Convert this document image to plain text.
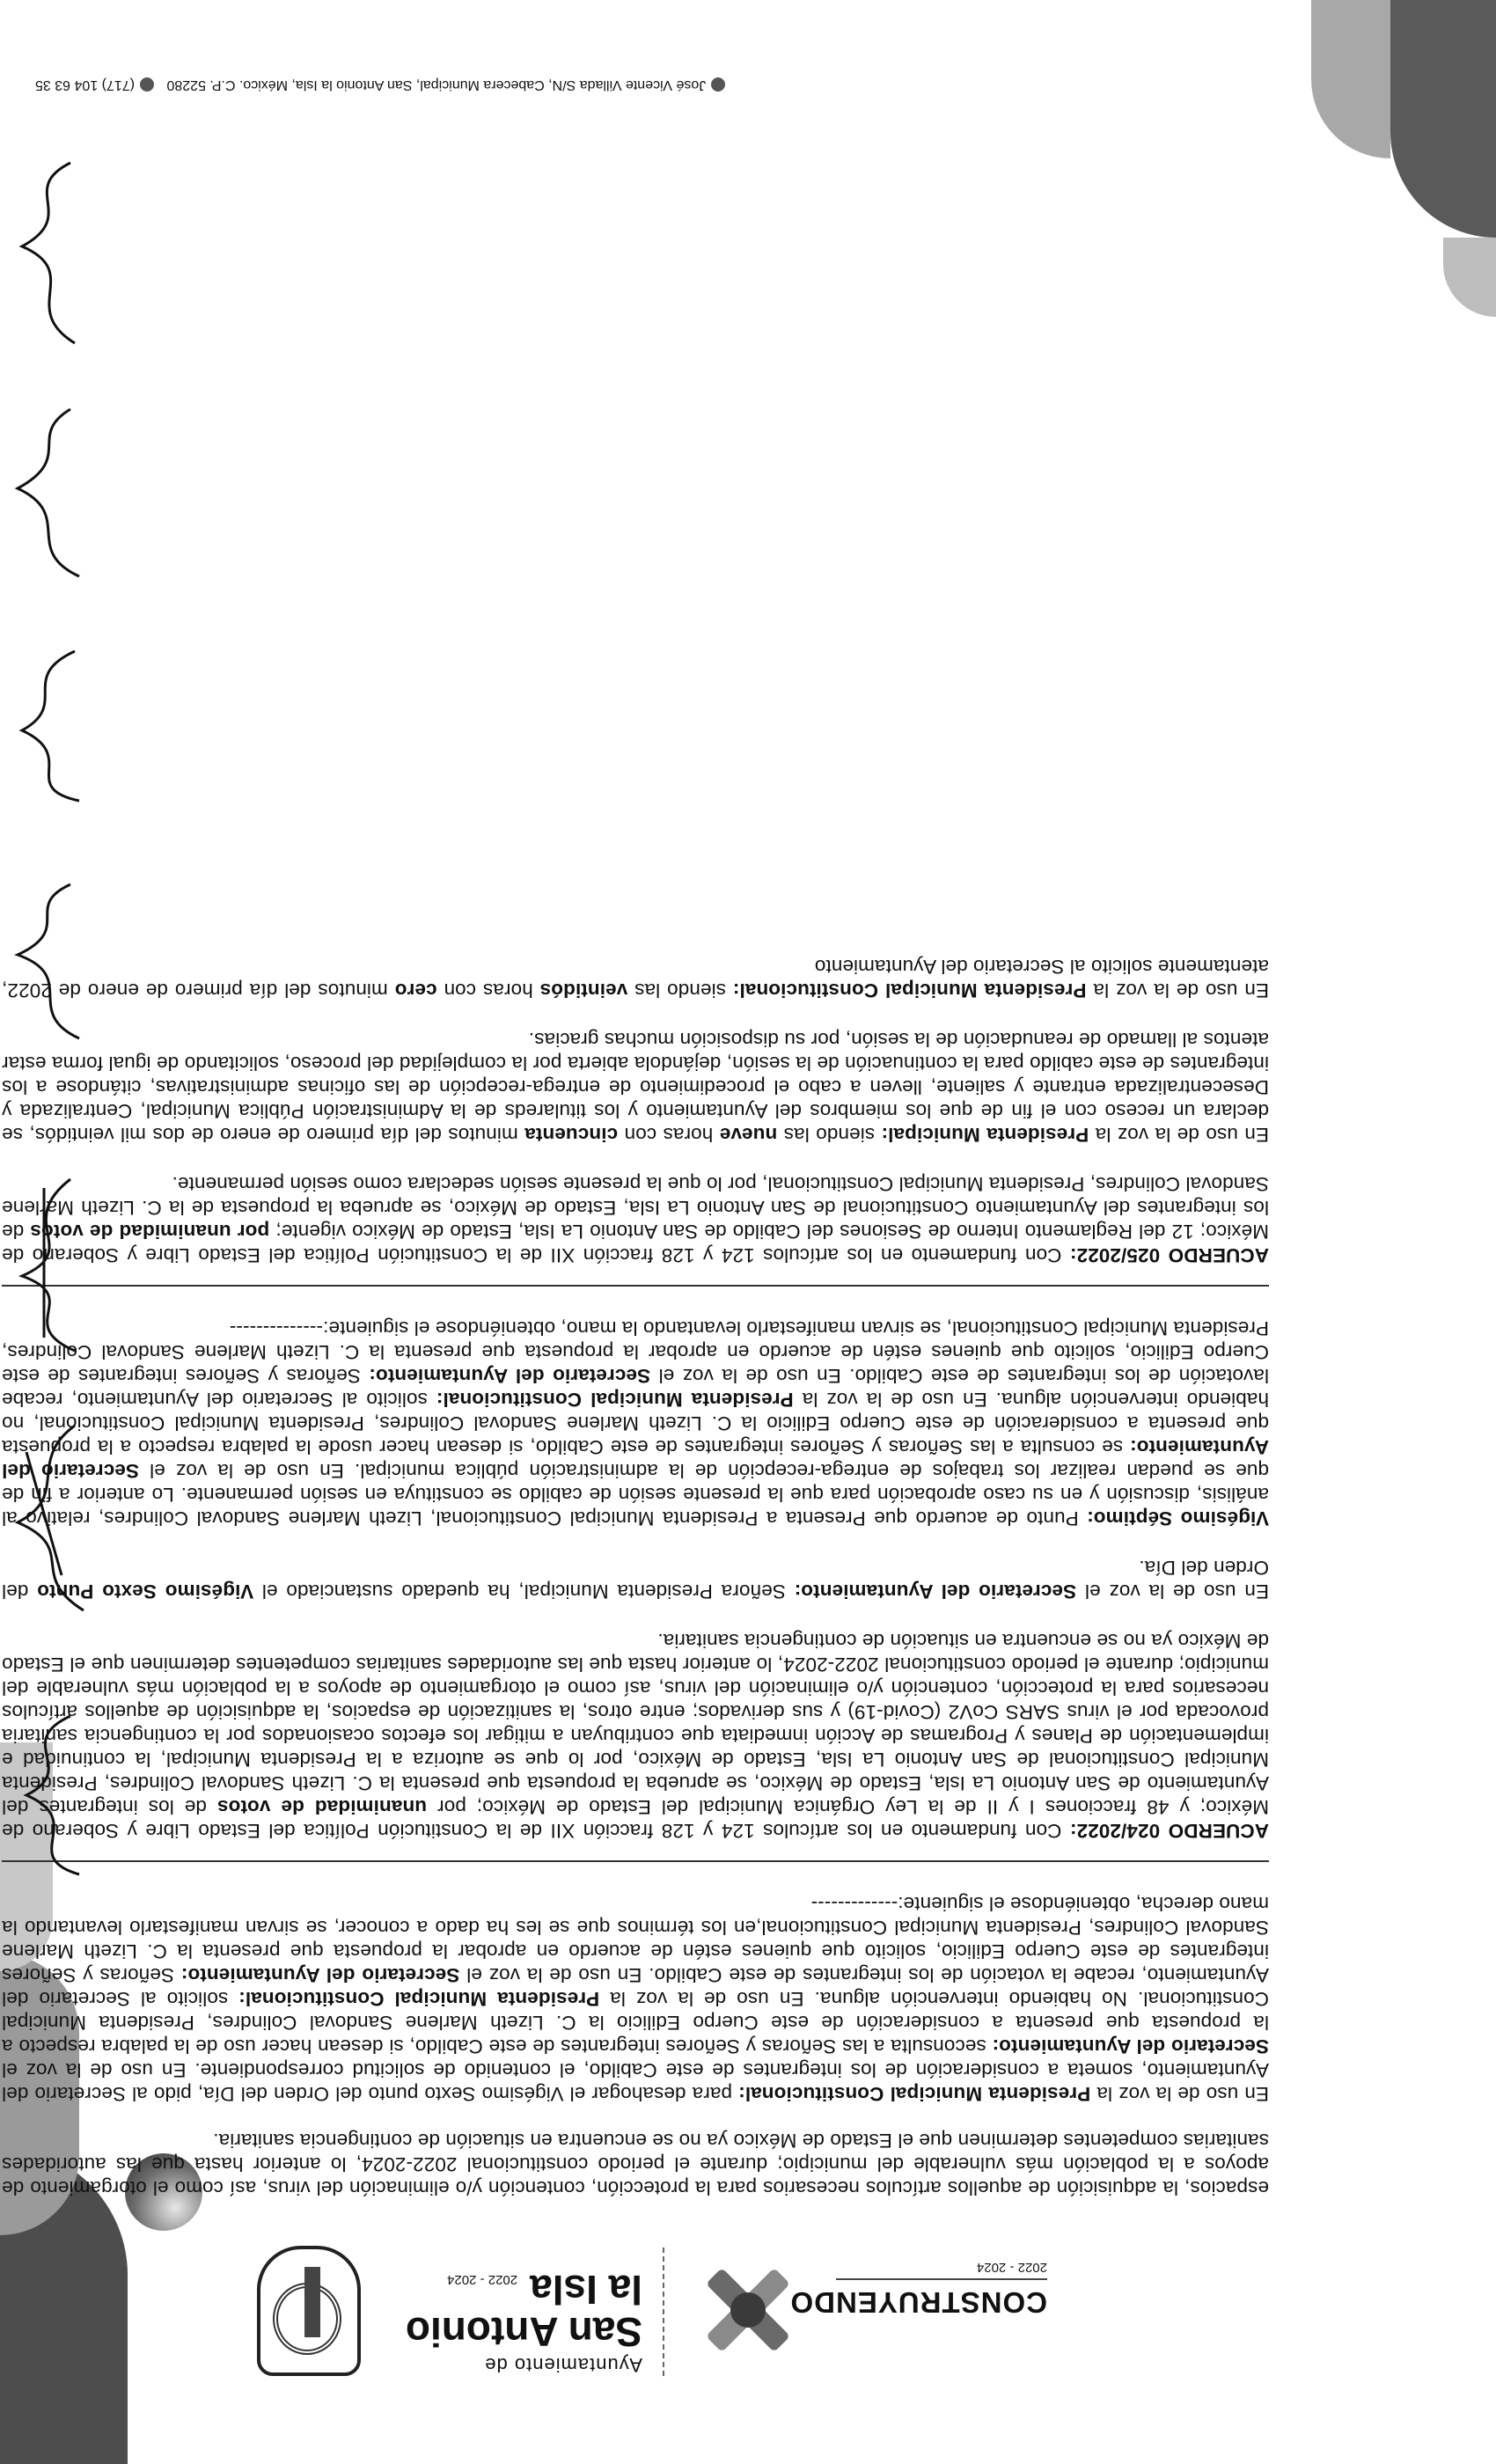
Ayuntamiento de
San Antonio
la Isla2022 - 2024
CONSTRUYENDO
2022 - 2024

espacios, la adquisición de aquellos artículos necesarios para la protección, contención y/o eliminación del virus, así como el otorgamiento de apoyos a la población más vulnerable del municipio; durante el periodo constitucional 2022-2024, lo anterior hasta que las autoridades sanitarias competentes determinen que el Estado de México ya no se encuentra en situación de contingencia sanitaria.

En uso de la voz la Presidenta Municipal Constitucional: para desahogar el Vigésimo Sexto punto del Orden del Día, pido al Secretario del Ayuntamiento, someta a consideración de los integrantes de este Cabildo, el contenido de solicitud correspondiente. En uso de la voz el Secretario del Ayuntamiento: seconsulta a las Señoras y Señores integrantes de este Cabildo, si desean hacer uso de la palabra respecto a la propuesta que presenta a consideración de este Cuerpo Edilicio la C. Lizeth Marlene Sandoval Colindres, Presidenta Municipal Constitucional. No habiendo intervención alguna. En uso de la voz la Presidenta Municipal Constitucional: solicito al Secretario del Ayuntamiento, recabe la votación de los integrantes de este Cabildo. En uso de la voz el Secretario del Ayuntamiento: Señoras y Señores integrantes de este Cuerpo Edilicio, solicito que quienes estén de acuerdo en aprobar la propuesta que presenta la C. Lizeth Marlene Sandoval Colindres, Presidenta Municipal Constitucional,en los términos que se les ha dado a conocer, se sirvan manifestarlo levantando la mano derecha, obteniéndose el siguiente:-------------

ACUERDO 024/2022: Con fundamento en los artículos 124 y 128 fracción XII de la Constitución Política del Estado Libre y Soberano de México; y 48 fracciones I y II de la Ley Orgánica Municipal del Estado de México; por unanimidad de votos de los integrantes del Ayuntamiento de San Antonio La Isla, Estado de México, se aprueba la propuesta que presenta la C. Lizeth Sandoval Colindres, Presidenta Municipal Constitucional de San Antonio La Isla, Estado de México, por lo que se autoriza a la Presidenta Municipal, la continuidad e implementación de Planes y Programas de Acción inmediata que contribuyan a mitigar los efectos ocasionados por la contingencia sanitaria provocada por el virus SARS CoV2 (Covid-19) y sus derivados; entre otros, la sanitización de espacios, la adquisición de aquellos artículos necesarios para la protección, contención y/o eliminación del virus, así como el otorgamiento de apoyos a la población más vulnerable del municipio; durante el periodo constitucional 2022-2024, lo anterior hasta que las autoridades sanitarias competentes determinen que el Estado de México ya no se encuentra en situación de contingencia sanitaria.

En uso de la voz el Secretario del Ayuntamiento: Señora Presidenta Municipal, ha quedado sustanciado el Vigésimo Sexto Punto del Orden del Día.

Vigésimo Séptimo: Punto de acuerdo que Presenta a Presidenta Municipal Constitucional, Lizeth Marlene Sandoval Colindres, relativo al análisis, discusión y en su caso aprobación para que la presente sesión de cabildo se constituya en sesión permanente. Lo anterior a fin de que se puedan realizar los trabajos de entrega-recepción de la administración pública municipal. En uso de la voz el Secretario del Ayuntamiento: se consulta a las Señoras y Señores integrantes de este Cabildo, si desean hacer usode la palabra respecto a la propuesta que presenta a consideración de este Cuerpo Edilicio la C. Lizeth Marlene Sandoval Colindres, Presidenta Municipal Constitucional, no habiendo intervención alguna. En uso de la voz la Presidenta Municipal Constitucional: solicito al Secretario del Ayuntamiento, recabe lavotación de los integrantes de este Cabildo. En uso de la voz el Secretario del Ayuntamiento: Señoras y Señores integrantes de este Cuerpo Edilicio, solicito que quienes estén de acuerdo en aprobar la propuesta que presenta la C. Lizeth Marlene Sandoval Colindres, Presidenta Municipal Constitucional, se sirvan manifestarlo levantando la mano, obteniéndose el siguiente:--------------

ACUERDO 025/2022: Con fundamento en los artículos 124 y 128 fracción XII de la Constitución Política del Estado Libre y Soberano de México; 12 del Reglamento Interno de Sesiones del Cabildo de San Antonio La Isla, Estado de México vigente; por unanimidad de votos de los integrantes del Ayuntamiento Constitucional de San Antonio La Isla, Estado de México, se aprueba la propuesta de la C. Lizeth Marlene Sandoval Colindres, Presidenta Municipal Constitucional, por lo que la presente sesión sedeclara como sesión permanente.

En uso de la voz la Presidenta Municipal: siendo las nueve horas con cincuenta minutos del día primero de enero de dos mil veintidós, se declara un receso con el fin de que los miembros del Ayuntamiento y los titulareds de la Administración Pública Municipal, Centralizada y Desecentralizada entrante y saliente, lleven a cabo el procedimiento de entrega-recepción de las oficinas administrativas, citándose a los integrantes de este cabildo para la continuación de la sesión, dejándola abierta por la complejidad del proceso, solicitando de igual forma estar atentos al llamado de reanudación de la sesión, por su disposición muchas gracias.

En uso de la voz la Presidenta Municipal Constitucional: siendo las veintidós horas con cero minutos del día primero de enero de 2022, atentamente solicito al Secretario del Ayuntamiento

José Vicente Villada S/N, Cabecera Municipal, San Antonio la Isla, México. C.P. 52280 (717) 104 63 35
